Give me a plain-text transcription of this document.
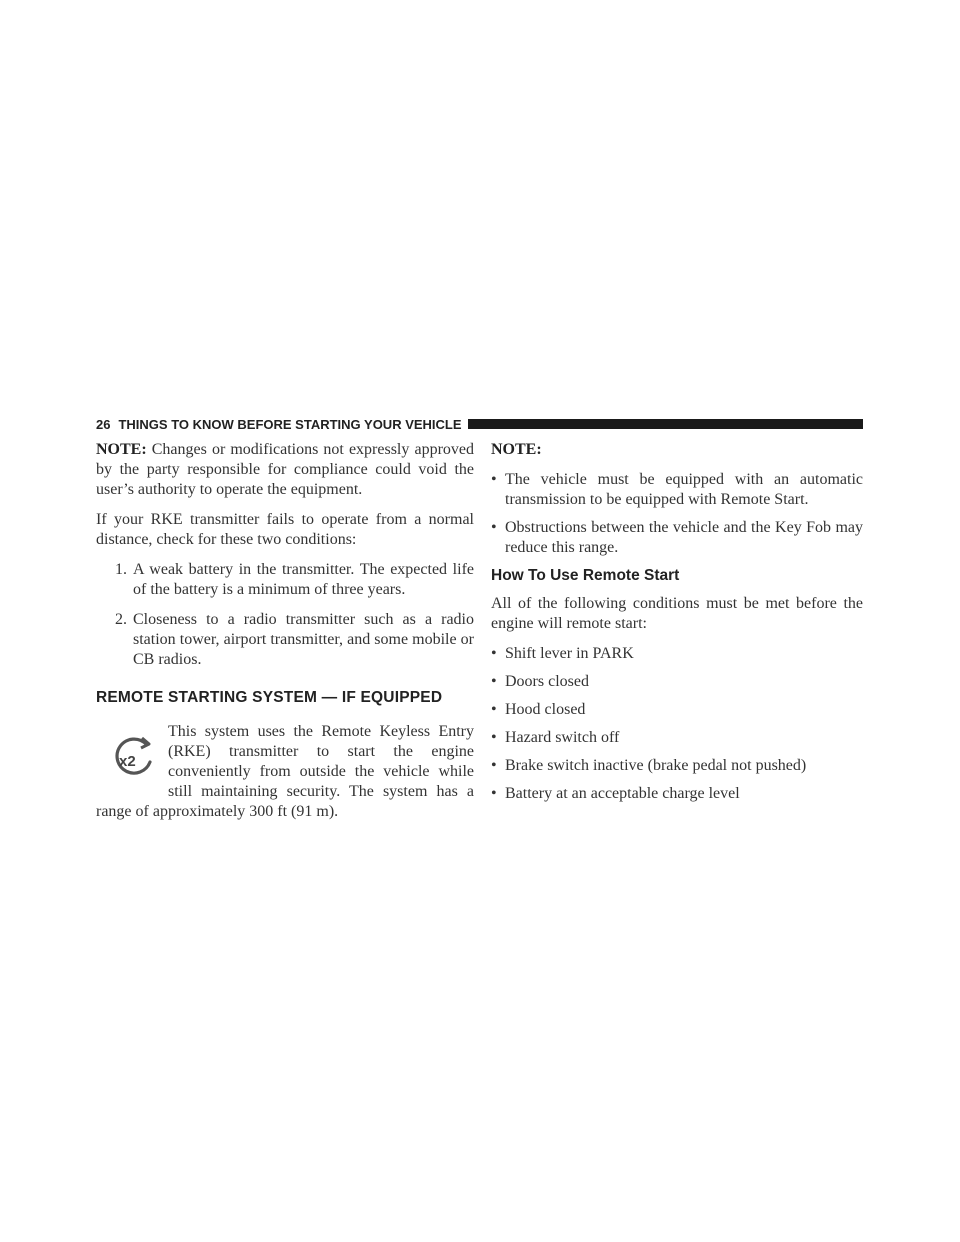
26 THINGS TO KNOW BEFORE STARTING YOUR VEHICLE

NOTE: Changes or modifications not expressly approved by the party responsible for compliance could void the user’s authority to operate the equipment.

If your RKE transmitter fails to operate from a normal distance, check for these two conditions:

1. A weak battery in the transmitter. The expected life of the battery is a minimum of three years.
2. Closeness to a radio transmitter such as a radio station tower, airport transmitter, and some mobile or CB radios.
REMOTE STARTING SYSTEM — IF EQUIPPED
x2

This system uses the Remote Keyless Entry (RKE) transmitter to start the engine conveniently from outside the vehicle while still maintaining security. The system has a range of approximately 300 ft (91 m).

NOTE:

• The vehicle must be equipped with an automatic transmission to be equipped with Remote Start.
• Obstructions between the vehicle and the Key Fob may reduce this range.
How To Use Remote Start

All of the following conditions must be met before the engine will remote start:

• Shift lever in PARK
• Doors closed
• Hood closed
• Hazard switch off
• Brake switch inactive (brake pedal not pushed)
• Battery at an acceptable charge level
